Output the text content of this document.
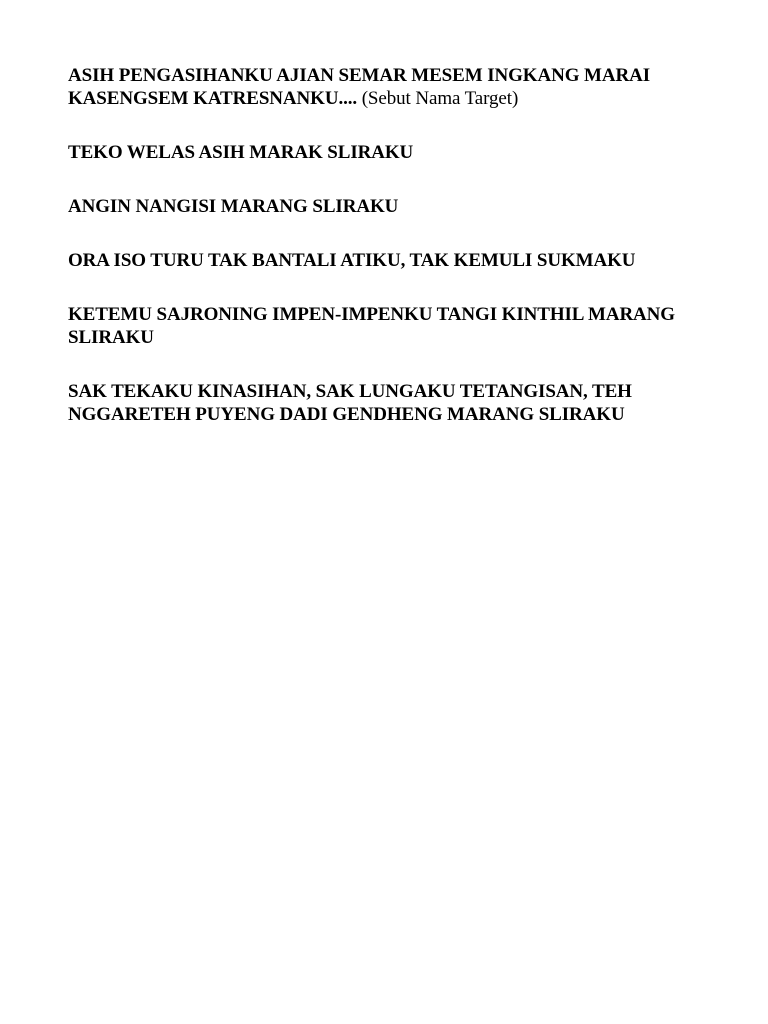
ASIH PENGASIHANKU AJIAN SEMAR MESEM INGKANG MARAI KASENGSEM KATRESNANKU.... (Sebut Nama Target)

TEKO WELAS ASIH MARAK SLIRAKU

ANGIN NANGISI MARANG SLIRAKU

ORA ISO TURU TAK BANTALI ATIKU, TAK KEMULI SUKMAKU

KETEMU SAJRONING IMPEN-IMPENKU TANGI KINTHIL MARANG SLIRAKU

SAK TEKAKU KINASIHAN, SAK LUNGAKU TETANGISAN, TEH NGGARETEH PUYENG DADI GENDHENG MARANG SLIRAKU
